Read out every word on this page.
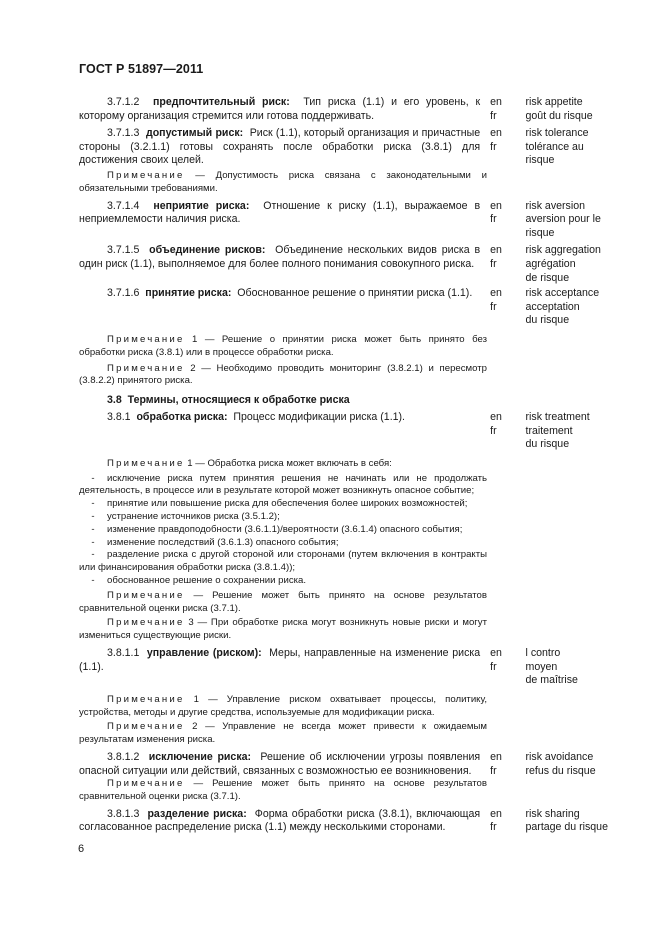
ГОСТ Р 51897—2011
3.7.1.2 предпочтительный риск: Тип риска (1.1) и его уровень, к которому организация стремится или готова поддерживать.
en
fr
risk appetite
goût du risque
3.7.1.3 допустимый риск: Риск (1.1), который организация и причастные стороны (3.2.1.1) готовы сохранять после обработки риска (3.8.1) для достижения своих целей.
en
fr
risk tolerance
tolérance au
risque
Примечание — Допустимость риска связана с законодательными и обязательными требованиями.
3.7.1.4 неприятие риска: Отношение к риску (1.1), выражаемое в неприемлемости наличия риска.
en
fr
risk aversion
aversion pour le
risque
3.7.1.5 объединение рисков: Объединение нескольких видов риска в один риск (1.1), выполняемое для более полного понимания совокупного риска.
en
fr
risk aggregation
agrégation
de risque
3.7.1.6 принятие риска: Обоснованное решение о принятии риска (1.1).	en
fr
risk acceptance
acceptation
du risque
Примечание 1 — Решение о принятии риска может быть принято без обработки риска (3.8.1) или в процессе обработки риска.
Примечание 2 — Необходимо проводить мониторинг (3.8.2.1) и пересмотр (3.8.2.2) принятого риска.
3.8 Термины, относящиеся к обработке риска
3.8.1 обработка риска: Процесс модификации риска (1.1).	en
fr
risk treatment
traitement
du risque
Примечание 1 — Обработка риска может включать в себя:
- исключение риска путем принятия решения не начинать или не продолжать деятельность, в процессе или в результате которой может возникнуть опасное событие;
- принятие или повышение риска для обеспечения более широких возможностей;
- устранение источников риска (3.5.1.2);
- изменение правдоподобности (3.6.1.1)/вероятности (3.6.1.4) опасного события;
- изменение последствий (3.6.1.3) опасного события;
- разделение риска с другой стороной или сторонами (путем включения в контракты или финансирования обработки риска (3.8.1.4));
- обоснованное решение о сохранении риска.
Примечание — Решение может быть принято на основе результатов сравнительной оценки риска (3.7.1).
Примечание 3 — При обработке риска могут возникнуть новые риски и могут измениться существующие риски.
3.8.1.1 управление (риском): Меры, направленные на изменение риска (1.1).
en
fr
l contro
moyen
de maîtrise
Примечание 1 — Управление риском охватывает процессы, политику, устройства, методы и другие средства, используемые для модификации риска.
Примечание 2 — Управление не всегда может привести к ожидаемым результатам изменения риска.
3.8.1.2 исключение риска: Решение об исключении угрозы появления опасной ситуации или действий, связанных с возможностью ее возникновения.
en
fr
risk avoidance
refus du risque
Примечание — Решение может быть принято на основе результатов сравнительной оценки риска (3.7.1).
3.8.1.3 разделение риска: Форма обработки риска (3.8.1), включающая согласованное распределение риска (1.1) между несколькими сторонами.
en
fr
risk sharing
partage du risque
6
